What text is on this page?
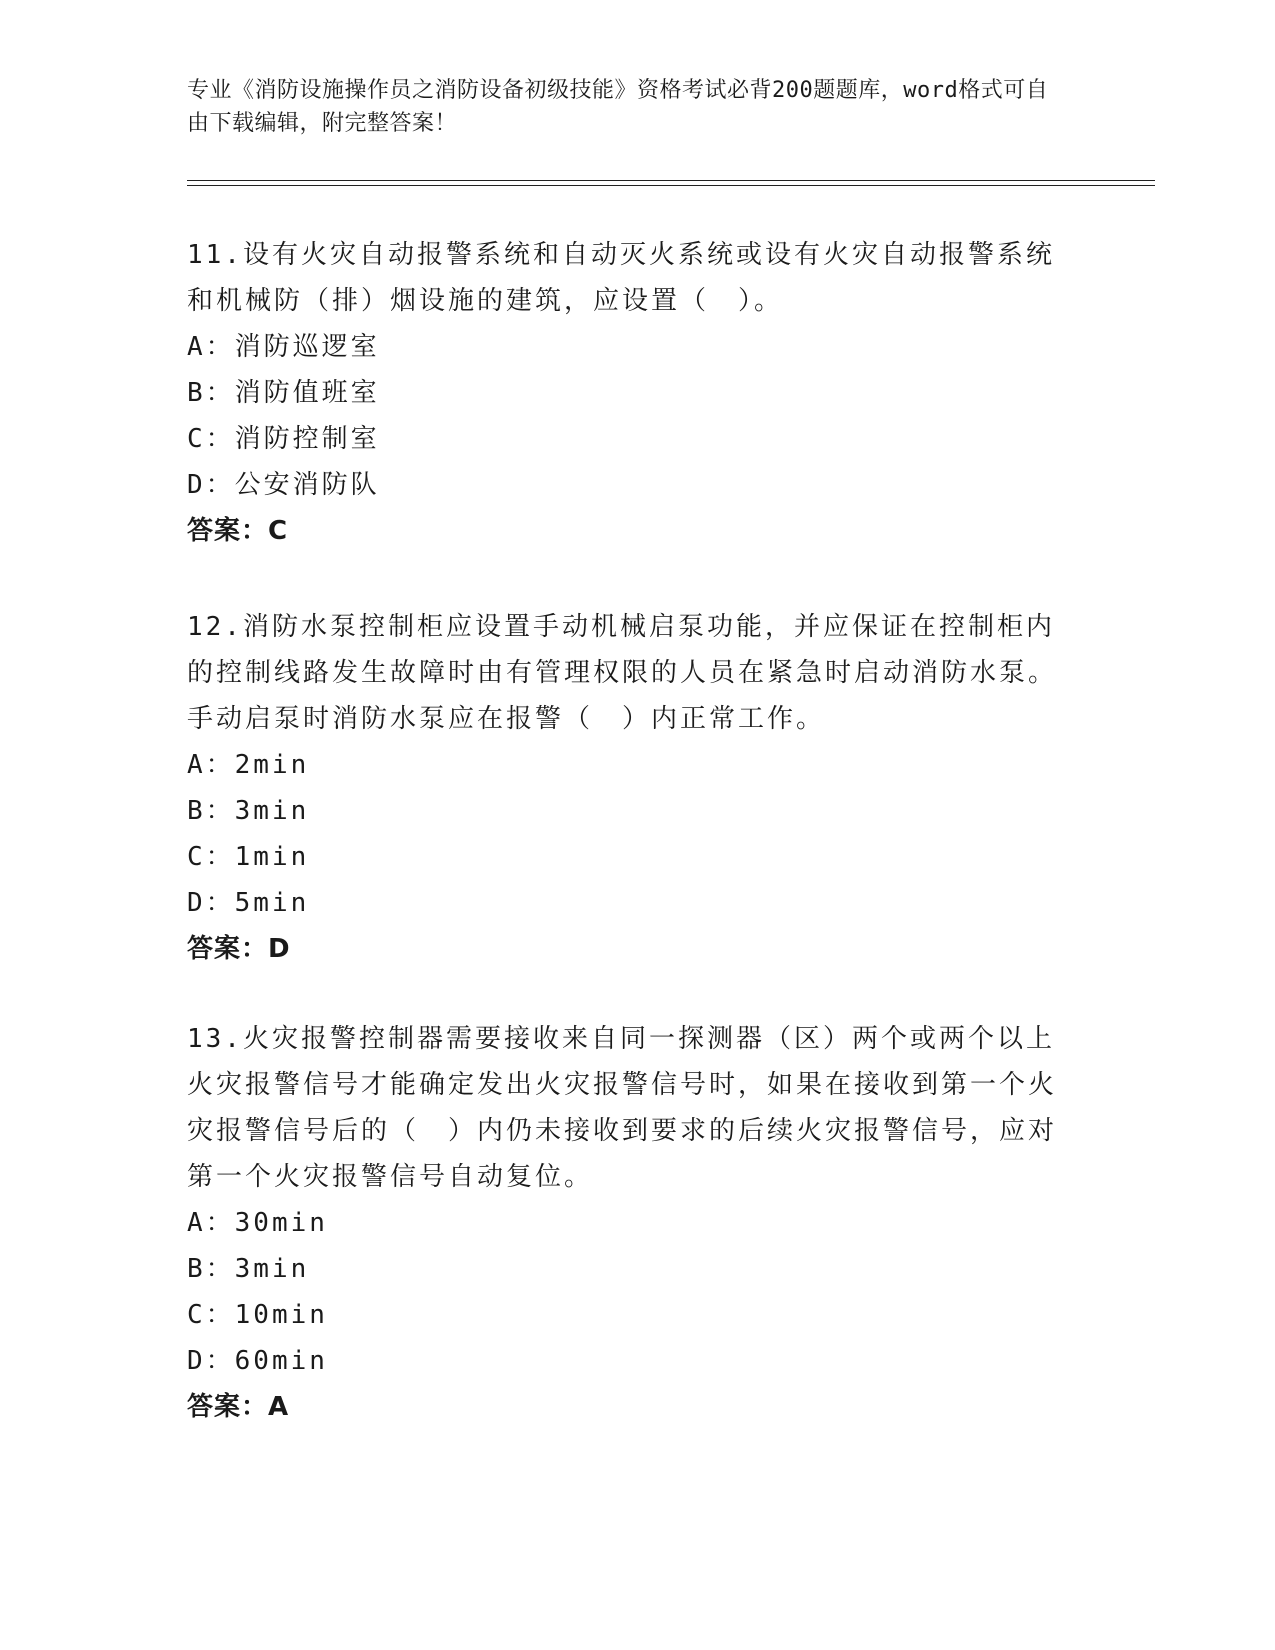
专业《消防设施操作员之消防设备初级技能》资格考试必背200题题库，word格式可自由下载编辑，附完整答案！
11.设有火灾自动报警系统和自动灭火系统或设有火灾自动报警系统和机械防（排）烟设施的建筑，应设置（　）。
A：消防巡逻室
B：消防值班室
C：消防控制室
D：公安消防队
答案：C
12.消防水泵控制柜应设置手动机械启泵功能，并应保证在控制柜内的控制线路发生故障时由有管理权限的人员在紧急时启动消防水泵。手动启泵时消防水泵应在报警（　）内正常工作。
A：2min
B：3min
C：1min
D：5min
答案：D
13.火灾报警控制器需要接收来自同一探测器（区）两个或两个以上火灾报警信号才能确定发出火灾报警信号时，如果在接收到第一个火灾报警信号后的（　）内仍未接收到要求的后续火灾报警信号，应对第一个火灾报警信号自动复位。
A：30min
B：3min
C：10min
D：60min
答案：A
